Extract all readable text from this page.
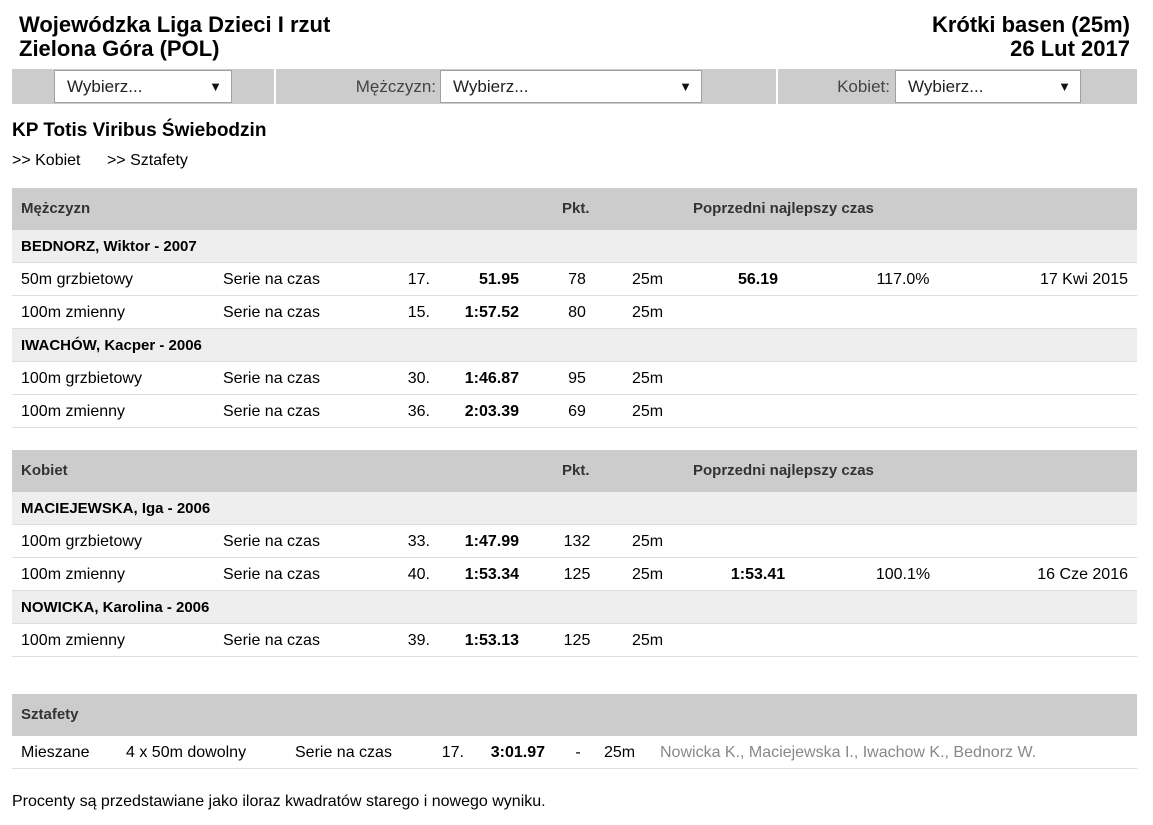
Wojewódzka Liga Dzieci I rzut
Zielona Góra (POL)
Krótki basen (25m)
26 Lut 2017
Wybierz...	▼	Mężczyzn:	Wybierz...	▼	Kobiet:	Wybierz...	▼
KP Totis Viribus Świebodzin
>> Kobiet >> Sztafety
Mężczyzn	Pkt.	Poprzedni najlepszy czas
BEDNORZ, Wiktor - 2007
50m grzbietowy	Serie na czas	17.	51.95	78	25m	56.19	117.0%	17 Kwi 2015
100m zmienny	Serie na czas	15.	1:57.52	80	25m
IWACHÓW, Kacper - 2006
100m grzbietowy	Serie na czas	30.	1:46.87	95	25m
100m zmienny	Serie na czas	36.	2:03.39	69	25m
Kobiet	Pkt.	Poprzedni najlepszy czas
MACIEJEWSKA, Iga - 2006
100m grzbietowy	Serie na czas	33.	1:47.99	132	25m
100m zmienny	Serie na czas	40.	1:53.34	125	25m	1:53.41	100.1%	16 Cze 2016
NOWICKA, Karolina - 2006
100m zmienny	Serie na czas	39.	1:53.13	125	25m
Sztafety
Mieszane 4 x 50m dowolny	Serie na czas	17.	3:01.97	-	25m Nowicka K., Maciejewska I., Iwachow K., Bednorz W.
Procenty są przedstawiane jako iloraz kwadratów starego i nowego wyniku.
